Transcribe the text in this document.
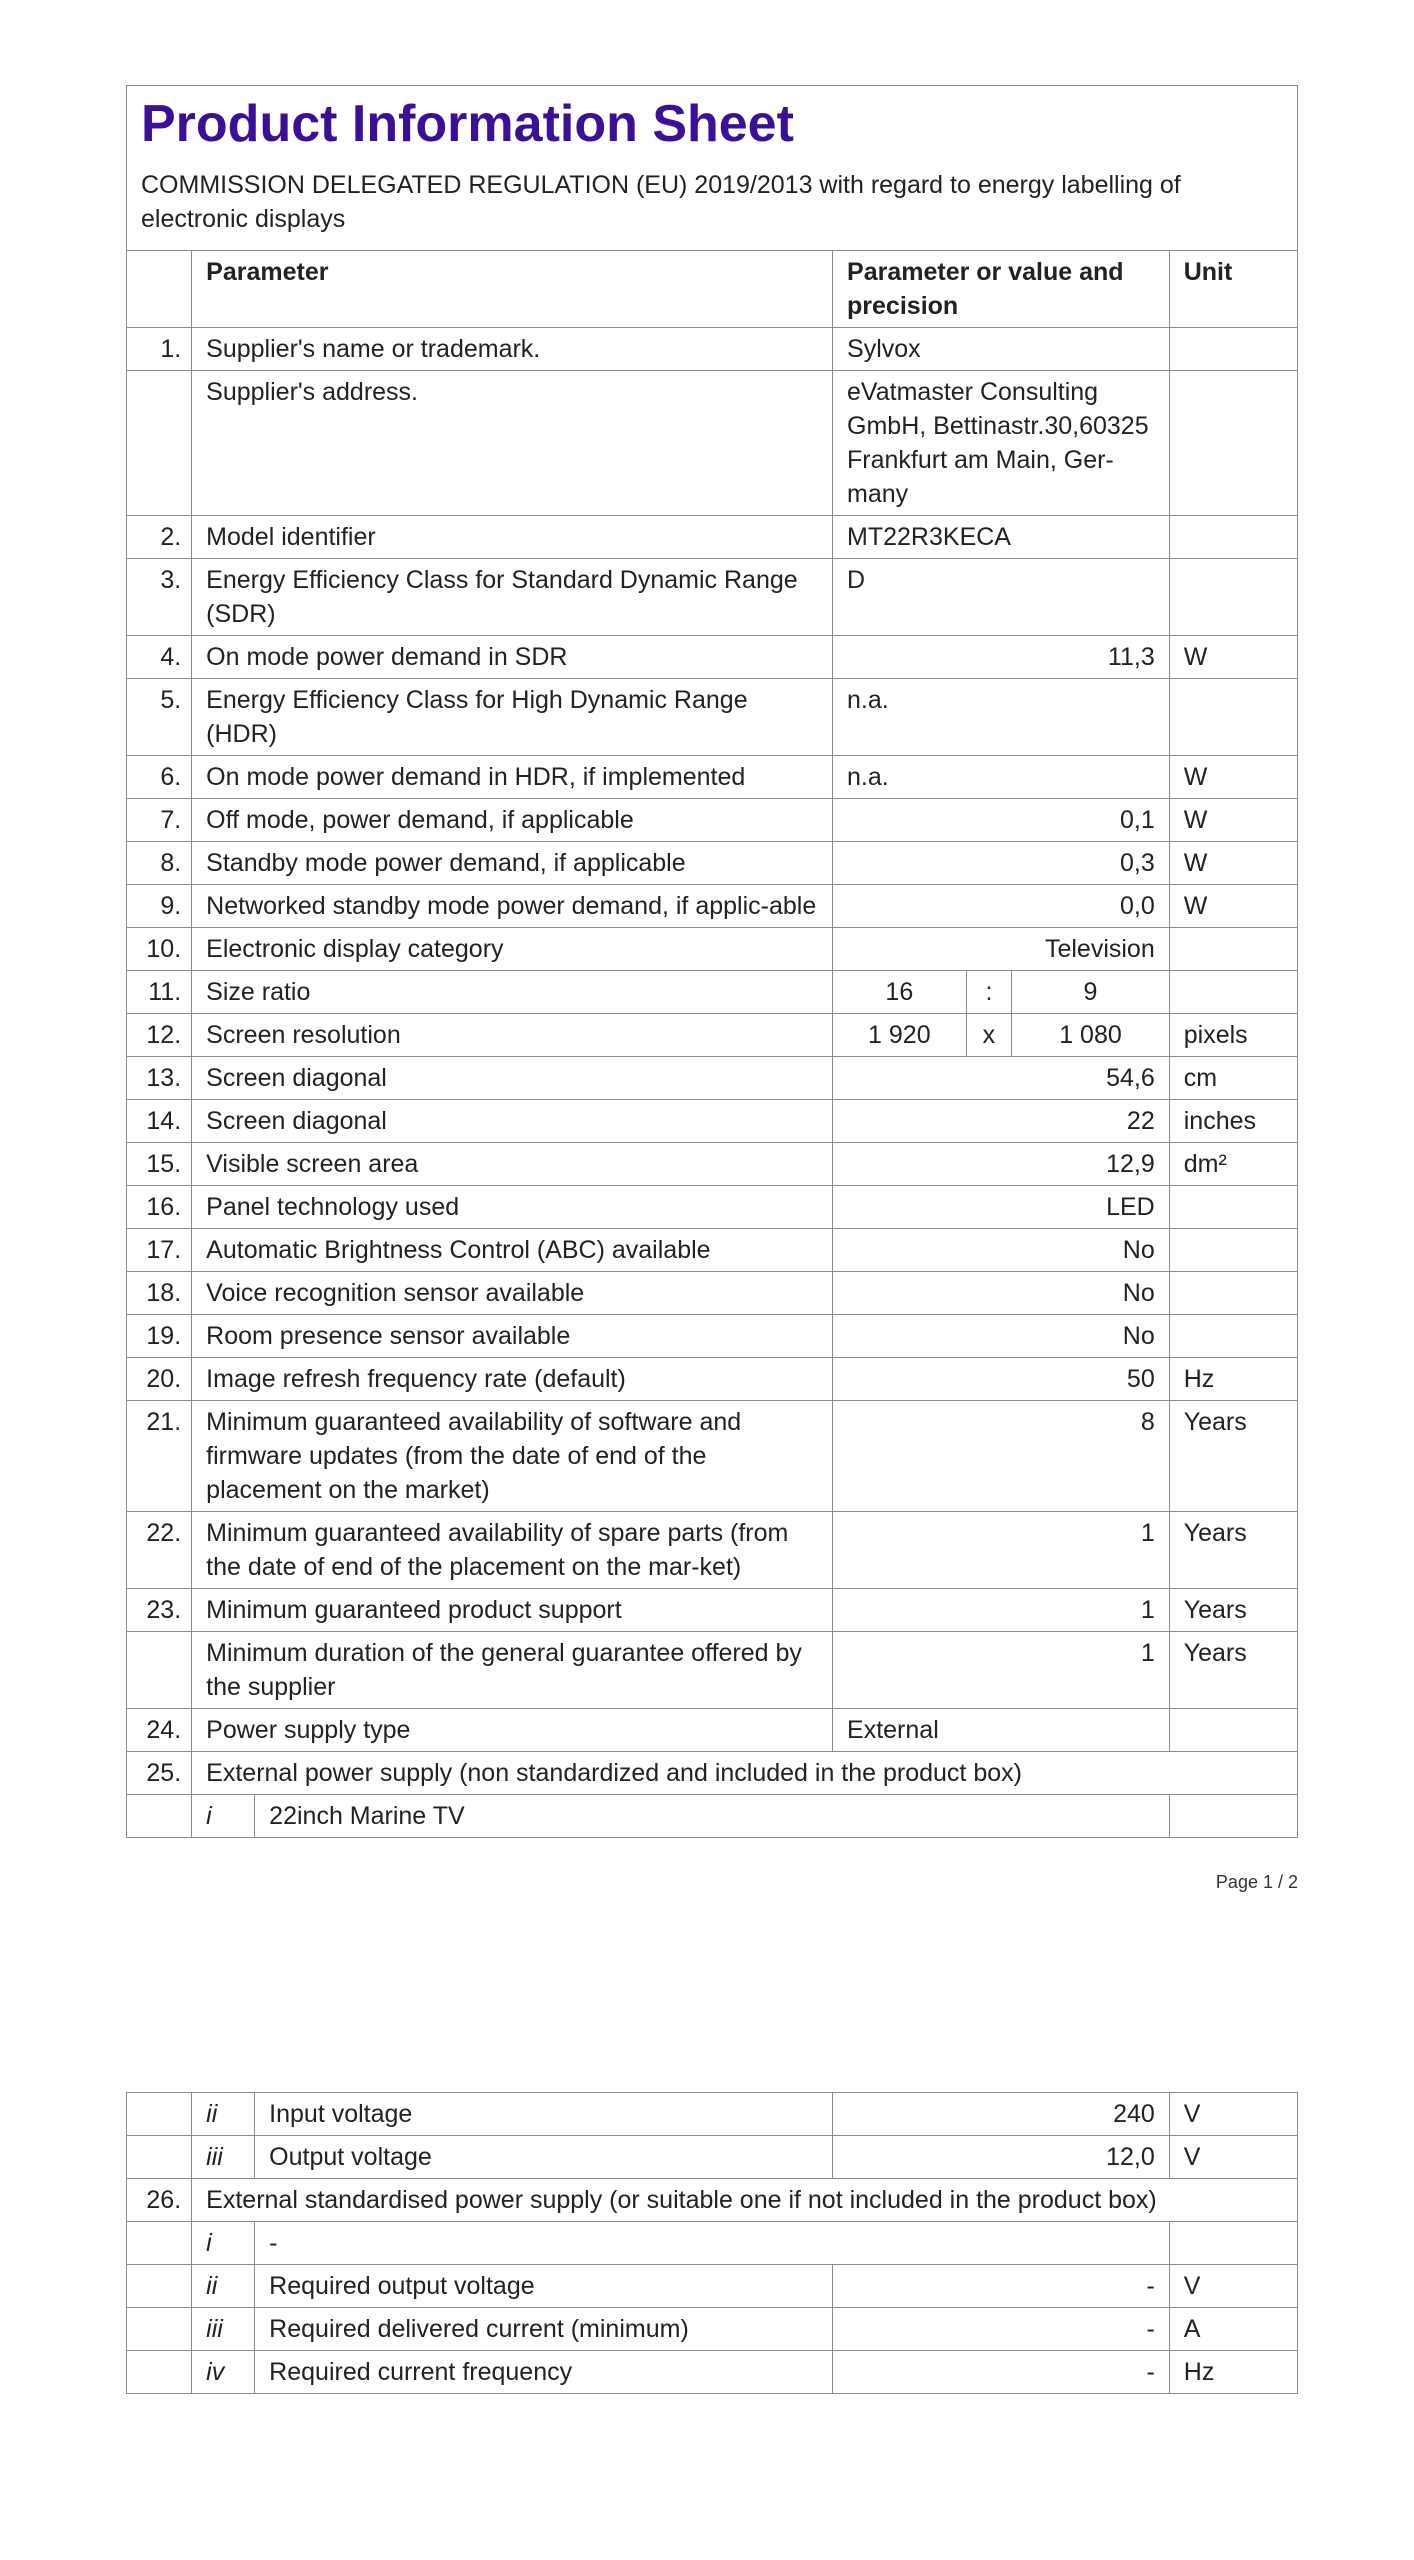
Product Information Sheet
COMMISSION DELEGATED REGULATION (EU) 2019/2013 with regard to energy labelling of electronic displays						

	Parameter		Parameter or value and precision			Unit
1.	Supplier's name or trademark.		Sylvox			
	Supplier's address.		eVatmaster Consulting GmbH, Bettinastr.30,60325 Frankfurt am Main, Ger-many			
2.	Model identifier		MT22R3KECA			
3.	Energy Efficiency Class for Standard Dynamic Range (SDR)		D			
4.	On mode power demand in SDR		11,3			W
5.	Energy Efficiency Class for High Dynamic Range (HDR)		n.a.			
6.	On mode power demand in HDR, if implemented		n.a.			W
7.	Off mode, power demand, if applicable		0,1			W
8.	Standby mode power demand, if applicable		0,3			W
9.	Networked standby mode power demand, if applic-able		0,0			W
10.	Electronic display category		Television			
11.	Size ratio		16	:	9	
12.	Screen resolution		1 920	x	1 080	pixels
13.	Screen diagonal		54,6			cm
14.	Screen diagonal		22			inches
15.	Visible screen area		12,9			dm²
16.	Panel technology used		LED			
17.	Automatic Brightness Control (ABC) available		No			
18.	Voice recognition sensor available		No			
19.	Room presence sensor available		No			
20.	Image refresh frequency rate (default)		50			Hz
21.	Minimum guaranteed availability of software and firmware updates (from the date of end of the placement on the market)		8			Years
22.	Minimum guaranteed availability of spare parts (from the date of end of the placement on the mar-ket)		1			Years
23.	Minimum guaranteed product support		1			Years
	Minimum duration of the general guarantee offered by the supplier		1			Years
24.	Power supply type		External			
25.	External power supply (non standardized and included in the product box)					
	i	22inch Marine TV				
Page 1 / 2
	ii	Input voltage	240	V
	iii	Output voltage	12,0	V
26.	External standardised power supply (or suitable one if not included in the product box)			
	i	-		
	ii	Required output voltage	-	V
	iii	Required delivered current (minimum)	-	A
	iv	Required current frequency	-	Hz
